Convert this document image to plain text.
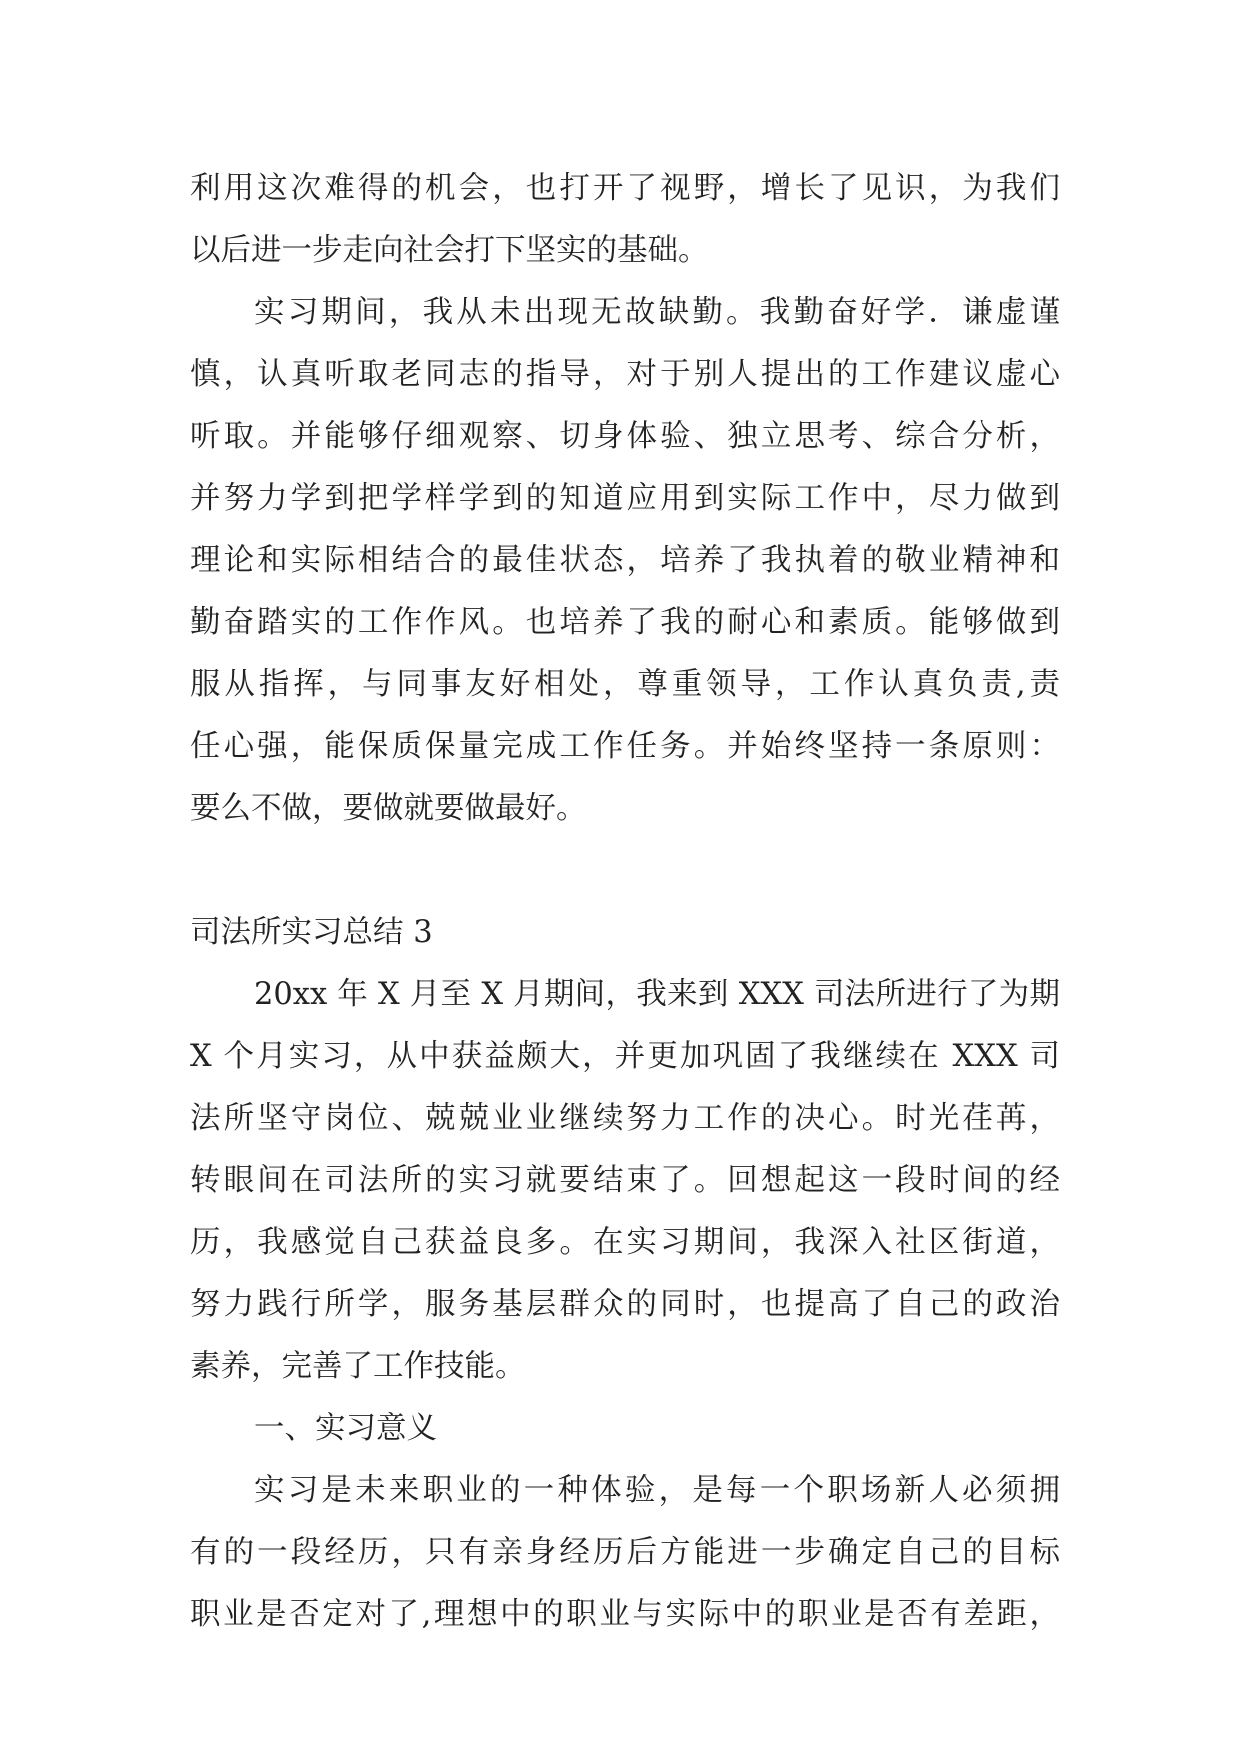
利用这次难得的机会，也打开了视野，增长了见识，为我们
以后进一步走向社会打下坚实的基础。
实习期间，我从未出现无故缺勤。我勤奋好学．谦虚谨
慎，认真听取老同志的指导，对于别人提出的工作建议虚心
听取。并能够仔细观察、切身体验、独立思考、综合分析，
并努力学到把学样学到的知道应用到实际工作中，尽力做到
理论和实际相结合的最佳状态，培养了我执着的敬业精神和
勤奋踏实的工作作风。也培养了我的耐心和素质。能够做到
服从指挥，与同事友好相处，尊重领导，工作认真负责,责
任心强，能保质保量完成工作任务。并始终坚持一条原则：
要么不做，要做就要做最好。
司法所实习总结 3
20xx 年 X 月至 X 月期间，我来到 XXX 司法所进行了为期
X 个月实习，从中获益颇大，并更加巩固了我继续在 XXX 司
法所坚守岗位、兢兢业业继续努力工作的决心。时光荏苒，
转眼间在司法所的实习就要结束了。回想起这一段时间的经
历，我感觉自己获益良多。在实习期间，我深入社区街道，
努力践行所学，服务基层群众的同时，也提高了自己的政治
素养，完善了工作技能。
一、实习意义
实习是未来职业的一种体验，是每一个职场新人必须拥
有的一段经历，只有亲身经历后方能进一步确定自己的目标
职业是否定对了,理想中的职业与实际中的职业是否有差距，
